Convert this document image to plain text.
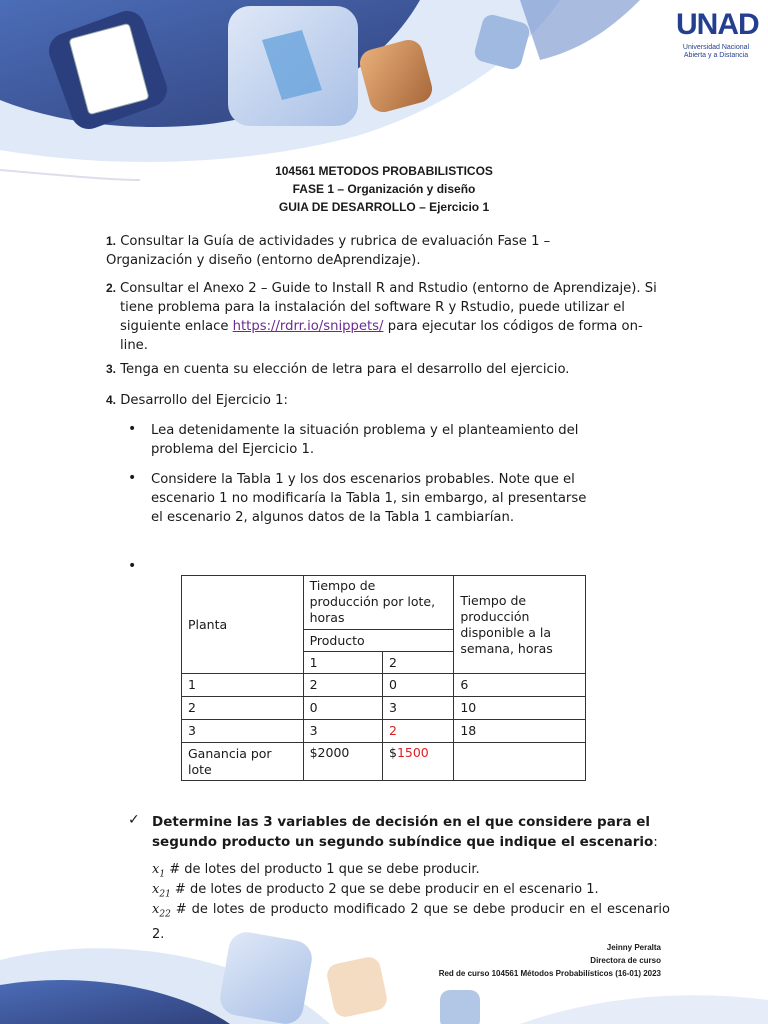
UNAD
Universidad Nacional
Abierta y a Distancia
104561 METODOS PROBABILISTICOS
FASE 1 – Organización y diseño
GUIA DE DESARROLLO – Ejercicio 1
1. Consultar la Guía de actividades y rubrica de evaluación Fase 1 – Organización y diseño (entorno deAprendizaje).
2. Consultar el Anexo 2 – Guide to Install R and Rstudio (entorno de Aprendizaje). Si tiene problema para la instalación del software R y Rstudio, puede utilizar el siguiente enlace https://rdrr.io/snippets/ para ejecutar los códigos de forma on-line.
3. Tenga en cuenta su elección de letra para el desarrollo del ejercicio.
4. Desarrollo del Ejercicio 1:
• Lea detenidamente la situación problema y el planteamiento del problema del Ejercicio 1.
• Considere la Tabla 1 y los dos escenarios probables. Note que el escenario 1 no modificaría la Tabla 1, sin embargo, al presentarse el escenario 2, algunos datos de la Tabla 1 cambiarían.
•
Planta	Tiempo de producción por lote, horas		Tiempo de producción disponible a la semana, horas
	Producto		
	1	2	
1	2	0	6
2	0	3	10
3	3	2	18
Ganancia por lote	$2000	$1500	
✓ Determine las 3 variables de decisión en el que considere para el segundo producto un segundo subíndice que indique el escenario:
$x_1$ # de lotes del producto 1 que se debe producir.
$x_{21}$ # de lotes de producto 2 que se debe producir en el escenario 1.
$x_{22}$ # de lotes de producto modificado 2 que se debe producir en el escenario 2.
Jeinny Peralta
Directora de curso
Red de curso 104561 Métodos Probabilísticos (16-01) 2023
